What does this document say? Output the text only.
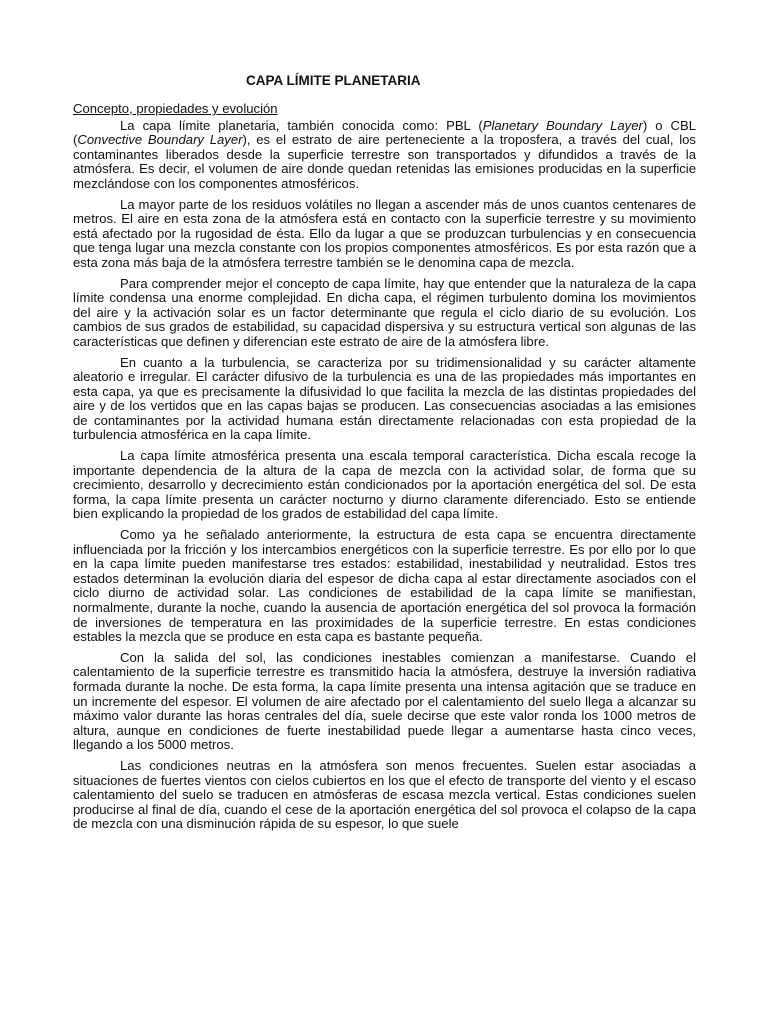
CAPA LÍMITE PLANETARIA
Concepto, propiedades y evolución

La capa límite planetaria, también conocida como: PBL (Planetary Boundary Layer) o CBL (Convective Boundary Layer), es el estrato de aire perteneciente a la troposfera, a través del cual, los contaminantes liberados desde la superficie terrestre son transportados y difundidos a través de la atmósfera. Es decir, el volumen de aire donde quedan retenidas las emisiones producidas en la superficie mezclándose con los componentes atmosféricos.

La mayor parte de los residuos volátiles no llegan a ascender más de unos cuantos centenares de metros. El aire en esta zona de la atmósfera está en contacto con la superficie terrestre y su movimiento está afectado por la rugosidad de ésta. Ello da lugar a que se produzcan turbulencias y en consecuencia que tenga lugar una mezcla constante con los propios componentes atmosféricos. Es por esta razón que a esta zona más baja de la atmósfera terrestre también se le denomina capa de mezcla.

Para comprender mejor el concepto de capa límite, hay que entender que la naturaleza de la capa límite condensa una enorme complejidad. En dicha capa, el régimen turbulento domina los movimientos del aire y la activación solar es un factor determinante que regula el ciclo diario de su evolución. Los cambios de sus grados de estabilidad, su capacidad dispersiva y su estructura vertical son algunas de las características que definen y diferencian este estrato de aire de la atmósfera libre.

En cuanto a la turbulencia, se caracteriza por su tridimensionalidad y su carácter altamente aleatorio e irregular. El carácter difusivo de la turbulencia es una de las propiedades más importantes en esta capa, ya que es precisamente la difusividad lo que facilita la mezcla de las distintas propiedades del aire y de los vertidos que en las capas bajas se producen. Las consecuencias asociadas a las emisiones de contaminantes por la actividad humana están directamente relacionadas con esta propiedad de la turbulencia atmosférica en la capa límite.

La capa límite atmosférica presenta una escala temporal característica. Dicha escala recoge la importante dependencia de la altura de la capa de mezcla con la actividad solar, de forma que su crecimiento, desarrollo y decrecimiento están condicionados por la aportación energética del sol. De esta forma, la capa límite presenta un carácter nocturno y diurno claramente diferenciado. Esto se entiende bien explicando la propiedad de los grados de estabilidad del capa límite.

Como ya he señalado anteriormente, la estructura de esta capa se encuentra directamente influenciada por la fricción y los intercambios energéticos con la superficie terrestre. Es por ello por lo que en la capa límite pueden manifestarse tres estados: estabilidad, inestabilidad y neutralidad. Estos tres estados determinan la evolución diaria del espesor de dicha capa al estar directamente asociados con el ciclo diurno de actividad solar. Las condiciones de estabilidad de la capa límite se manifiestan, normalmente, durante la noche, cuando la ausencia de aportación energética del sol provoca la formación de inversiones de temperatura en las proximidades de la superficie terrestre. En estas condiciones estables la mezcla que se produce en esta capa es bastante pequeña.

Con la salida del sol, las condiciones inestables comienzan a manifestarse. Cuando el calentamiento de la superficie terrestre es transmitido hacia la atmósfera, destruye la inversión radiativa formada durante la noche. De esta forma, la capa límite presenta una intensa agitación que se traduce en un incremente del espesor. El volumen de aire afectado por el calentamiento del suelo llega a alcanzar su máximo valor durante las horas centrales del día, suele decirse que este valor ronda los 1000 metros de altura, aunque en condiciones de fuerte inestabilidad puede llegar a aumentarse hasta cinco veces, llegando a los 5000 metros.

Las condiciones neutras en la atmósfera son menos frecuentes. Suelen estar asociadas a situaciones de fuertes vientos con cielos cubiertos en los que el efecto de transporte del viento y el escaso calentamiento del suelo se traducen en atmósferas de escasa mezcla vertical. Estas condiciones suelen producirse al final de día, cuando el cese de la aportación energética del sol provoca el colapso de la capa de mezcla con una disminución rápida de su espesor, lo que suele
